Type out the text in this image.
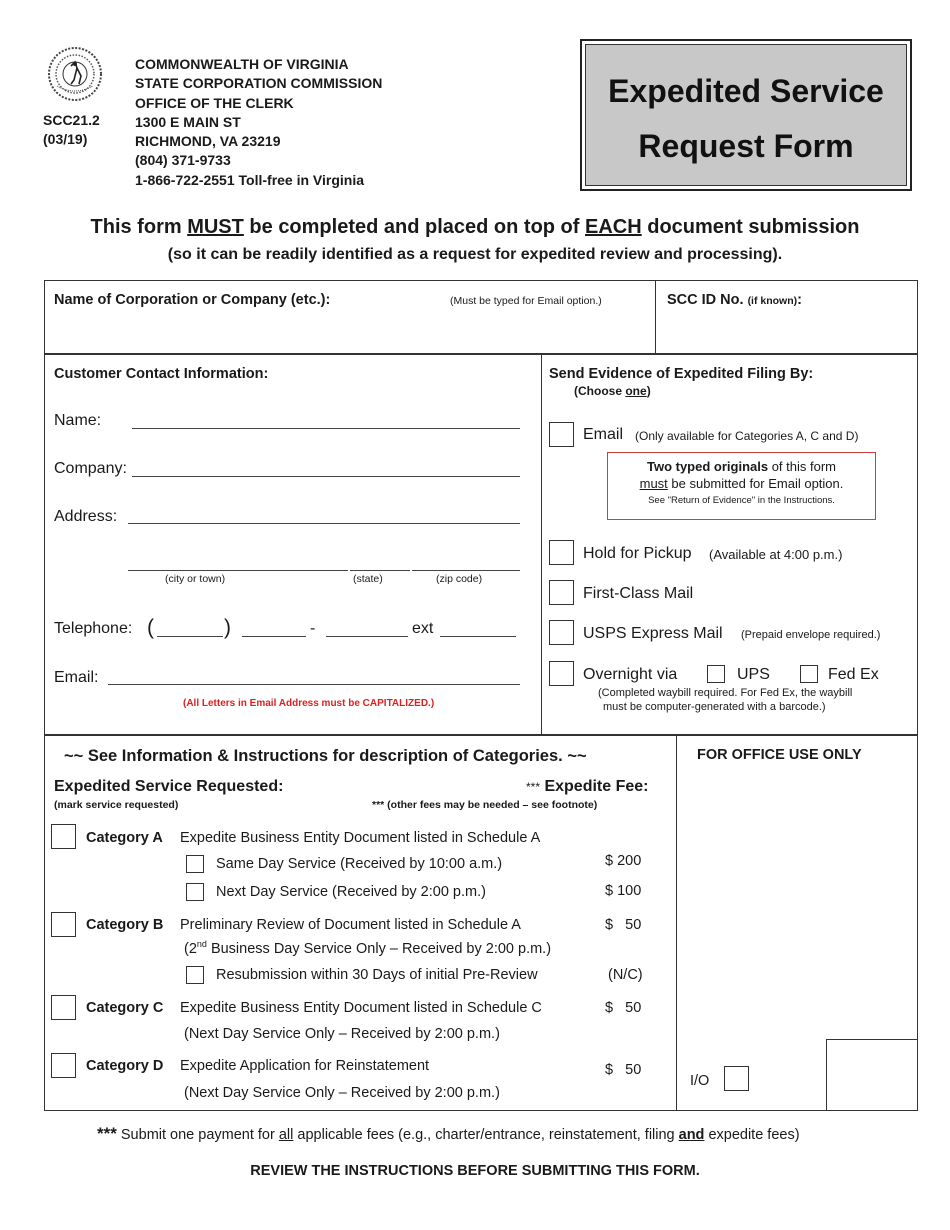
SCC21.2
(03/19)
COMMONWEALTH OF VIRGINIA
STATE CORPORATION COMMISSION
OFFICE OF THE CLERK
1300 E MAIN ST
RICHMOND, VA 23219
(804) 371-9733
1-866-722-2551 Toll-free in Virginia
Expedited Service
Request Form
This form MUST be completed and placed on top of EACH document submission
(so it can be readily identified as a request for expedited review and processing).
Name of Corporation or Company (etc.):	(Must be typed for Email option.)	SCC ID No. (if known):
Customer Contact Information:
Name:
Company:
Address:
(city or town)	(state)	(zip code)
Telephone: (	)	-	ext
Email:
(All Letters in Email Address must be CAPITALIZED.)
Send Evidence of Expedited Filing By:
(Choose one)
Email (Only available for Categories A, C and D)
Two typed originals of this form
must be submitted for Email option.
See "Return of Evidence" in the Instructions.
Hold for Pickup (Available at 4:00 p.m.)
First-Class Mail
USPS Express Mail (Prepaid envelope required.)
Overnight via	UPS	Fed Ex
(Completed waybill required. For Fed Ex, the waybill
must be computer-generated with a barcode.)
~~ See Information & Instructions for description of Categories. ~~
Expedited Service Requested:
(mark service requested)
*** Expedite Fee:
*** (other fees may be needed – see footnote)
Category A Expedite Business Entity Document listed in Schedule A
Same Day Service (Received by 10:00 a.m.)	$ 200
Next Day Service (Received by 2:00 p.m.)	$ 100
Category B Preliminary Review of Document listed in Schedule A	$   50
(2nd Business Day Service Only – Received by 2:00 p.m.)
Resubmission within 30 Days of initial Pre-Review	(N/C)
Category C Expedite Business Entity Document listed in Schedule C	$   50
(Next Day Service Only – Received by 2:00 p.m.)
Category D Expedite Application for Reinstatement	$   50
(Next Day Service Only – Received by 2:00 p.m.)
FOR OFFICE USE ONLY
I/O
*** Submit one payment for all applicable fees (e.g., charter/entrance, reinstatement, filing and expedite fees)
REVIEW THE INSTRUCTIONS BEFORE SUBMITTING THIS FORM.
